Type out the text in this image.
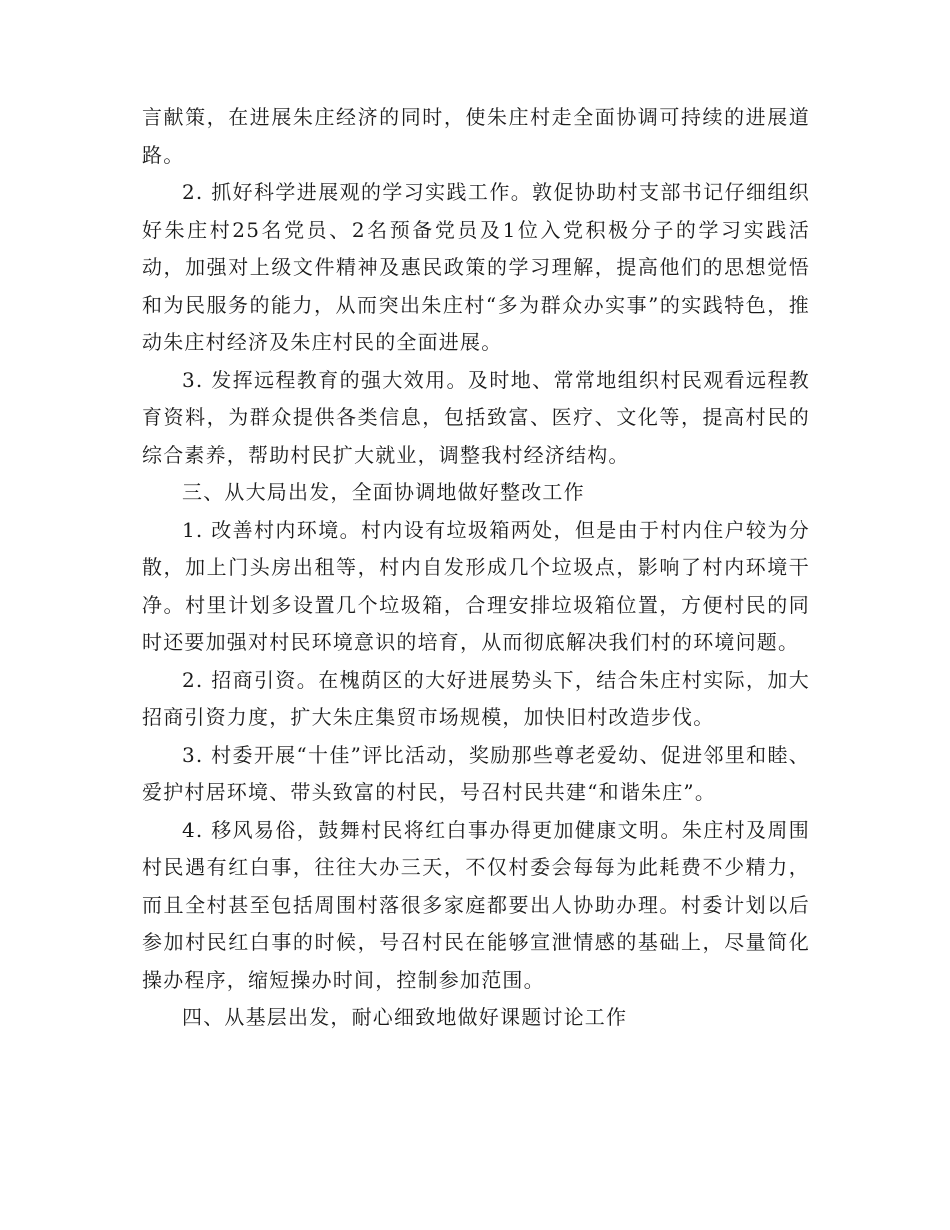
言献策，在进展朱庄经济的同时，使朱庄村走全面协调可持续的进展道路。

2. 抓好科学进展观的学习实践工作。敦促协助村支部书记仔细组织好朱庄村25名党员、2名预备党员及1位入党积极分子的学习实践活动，加强对上级文件精神及惠民政策的学习理解，提高他们的思想觉悟和为民服务的能力，从而突出朱庄村“多为群众办实事”的实践特色，推动朱庄村经济及朱庄村民的全面进展。

3. 发挥远程教育的强大效用。及时地、常常地组织村民观看远程教育资料，为群众提供各类信息，包括致富、医疗、文化等，提高村民的综合素养，帮助村民扩大就业，调整我村经济结构。

三、从大局出发，全面协调地做好整改工作

1. 改善村内环境。村内设有垃圾箱两处，但是由于村内住户较为分散，加上门头房出租等，村内自发形成几个垃圾点，影响了村内环境干净。村里计划多设置几个垃圾箱，合理安排垃圾箱位置，方便村民的同时还要加强对村民环境意识的培育，从而彻底解决我们村的环境问题。

2. 招商引资。在槐荫区的大好进展势头下，结合朱庄村实际，加大招商引资力度，扩大朱庄集贸市场规模，加快旧村改造步伐。

3. 村委开展“十佳”评比活动，奖励那些尊老爱幼、促进邻里和睦、爱护村居环境、带头致富的村民，号召村民共建“和谐朱庄”。

4. 移风易俗，鼓舞村民将红白事办得更加健康文明。朱庄村及周围村民遇有红白事，往往大办三天，不仅村委会每每为此耗费不少精力，而且全村甚至包括周围村落很多家庭都要出人协助办理。村委计划以后参加村民红白事的时候，号召村民在能够宣泄情感的基础上，尽量简化操办程序，缩短操办时间，控制参加范围。

四、从基层出发，耐心细致地做好课题讨论工作
